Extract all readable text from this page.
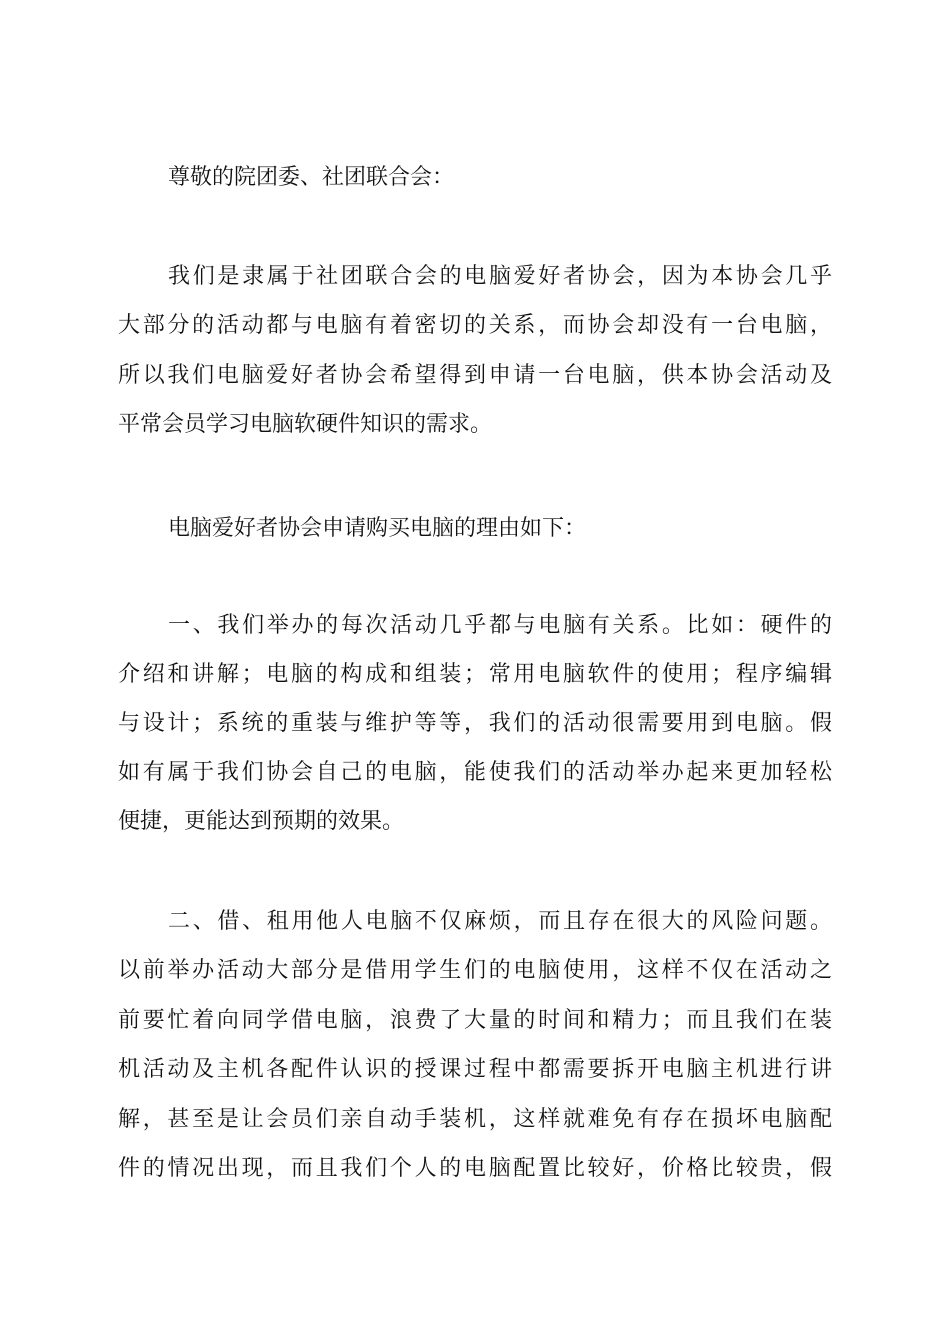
尊敬的院团委、社团联合会：
我们是隶属于社团联合会的电脑爱好者协会，因为本协会几乎
大部分的活动都与电脑有着密切的关系，而协会却没有一台电脑，
所以我们电脑爱好者协会希望得到申请一台电脑，供本协会活动及
平常会员学习电脑软硬件知识的需求。
电脑爱好者协会申请购买电脑的理由如下：
一、我们举办的每次活动几乎都与电脑有关系。比如：硬件的
介绍和讲解；电脑的构成和组装；常用电脑软件的使用；程序编辑
与设计；系统的重装与维护等等，我们的活动很需要用到电脑。假
如有属于我们协会自己的电脑，能使我们的活动举办起来更加轻松
便捷，更能达到预期的效果。
二、借、租用他人电脑不仅麻烦，而且存在很大的风险问题。
以前举办活动大部分是借用学生们的电脑使用，这样不仅在活动之
前要忙着向同学借电脑，浪费了大量的时间和精力；而且我们在装
机活动及主机各配件认识的授课过程中都需要拆开电脑主机进行讲
解，甚至是让会员们亲自动手装机，这样就难免有存在损坏电脑配
件的情况出现，而且我们个人的电脑配置比较好，价格比较贵，假
